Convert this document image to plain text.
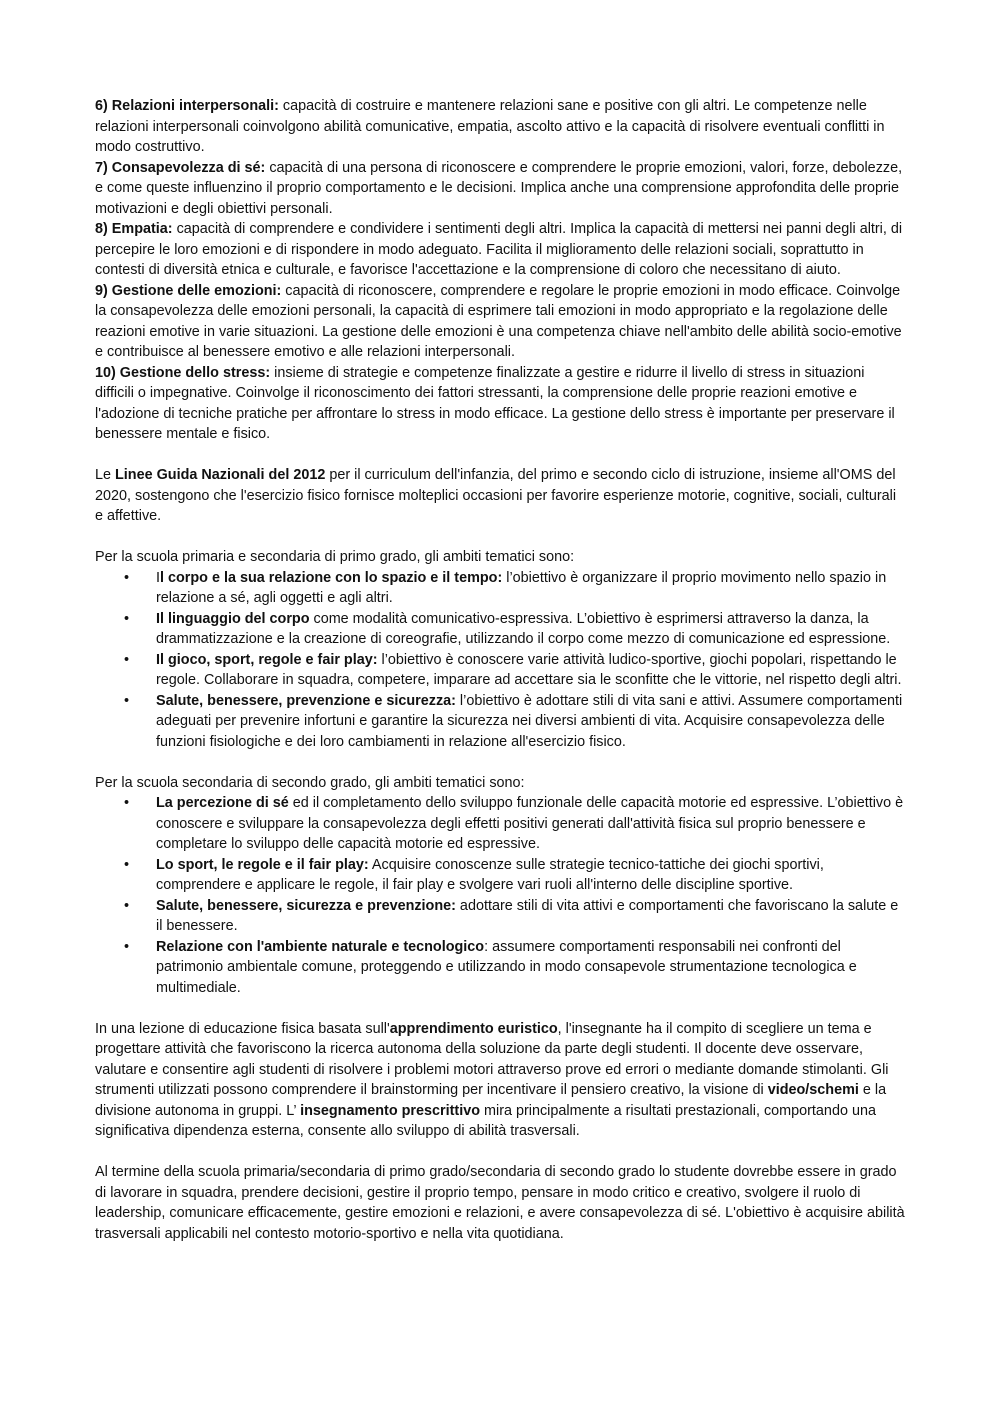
6) Relazioni interpersonali: capacità di costruire e mantenere relazioni sane e positive con gli altri. Le competenze nelle relazioni interpersonali coinvolgono abilità comunicative, empatia, ascolto attivo e la capacità di risolvere eventuali conflitti in modo costruttivo.

7) Consapevolezza di sé: capacità di una persona di riconoscere e comprendere le proprie emozioni, valori, forze, debolezze, e come queste influenzino il proprio comportamento e le decisioni. Implica anche una comprensione approfondita delle proprie motivazioni e degli obiettivi personali.

8) Empatia: capacità di comprendere e condividere i sentimenti degli altri. Implica la capacità di mettersi nei panni degli altri, di percepire le loro emozioni e di rispondere in modo adeguato. Facilita il miglioramento delle relazioni sociali, soprattutto in contesti di diversità etnica e culturale, e favorisce l'accettazione e la comprensione di coloro che necessitano di aiuto.

9) Gestione delle emozioni: capacità di riconoscere, comprendere e regolare le proprie emozioni in modo efficace. Coinvolge la consapevolezza delle emozioni personali, la capacità di esprimere tali emozioni in modo appropriato e la regolazione delle reazioni emotive in varie situazioni. La gestione delle emozioni è una competenza chiave nell'ambito delle abilità socio-emotive e contribuisce al benessere emotivo e alle relazioni interpersonali.

10) Gestione dello stress: insieme di strategie e competenze finalizzate a gestire e ridurre il livello di stress in situazioni difficili o impegnative. Coinvolge il riconoscimento dei fattori stressanti, la comprensione delle proprie reazioni emotive e l'adozione di tecniche pratiche per affrontare lo stress in modo efficace. La gestione dello stress è importante per preservare il benessere mentale e fisico.

Le Linee Guida Nazionali del 2012 per il curriculum dell'infanzia, del primo e secondo ciclo di istruzione, insieme all'OMS del 2020, sostengono che l'esercizio fisico fornisce molteplici occasioni per favorire esperienze motorie, cognitive, sociali, culturali e affettive.

Per la scuola primaria e secondaria di primo grado, gli ambiti tematici sono:

• Il corpo e la sua relazione con lo spazio e il tempo: l’obiettivo è organizzare il proprio movimento nello spazio in relazione a sé, agli oggetti e agli altri.
• Il linguaggio del corpo come modalità comunicativo-espressiva. L’obiettivo è esprimersi attraverso la danza, la drammatizzazione e la creazione di coreografie, utilizzando il corpo come mezzo di comunicazione ed espressione.
• Il gioco, sport, regole e fair play: l’obiettivo è conoscere varie attività ludico-sportive, giochi popolari, rispettando le regole. Collaborare in squadra, competere, imparare ad accettare sia le sconfitte che le vittorie, nel rispetto degli altri.
• Salute, benessere, prevenzione e sicurezza: l’obiettivo è adottare stili di vita sani e attivi. Assumere comportamenti adeguati per prevenire infortuni e garantire la sicurezza nei diversi ambienti di vita. Acquisire consapevolezza delle funzioni fisiologiche e dei loro cambiamenti in relazione all'esercizio fisico.

Per la scuola secondaria di secondo grado, gli ambiti tematici sono:

• La percezione di sé ed il completamento dello sviluppo funzionale delle capacità motorie ed espressive. L’obiettivo è conoscere e sviluppare la consapevolezza degli effetti positivi generati dall'attività fisica sul proprio benessere e completare lo sviluppo delle capacità motorie ed espressive.
• Lo sport, le regole e il fair play: Acquisire conoscenze sulle strategie tecnico-tattiche dei giochi sportivi, comprendere e applicare le regole, il fair play e svolgere vari ruoli all'interno delle discipline sportive.
• Salute, benessere, sicurezza e prevenzione: adottare stili di vita attivi e comportamenti che favoriscano la salute e il benessere.
• Relazione con l'ambiente naturale e tecnologico: assumere comportamenti responsabili nei confronti del patrimonio ambientale comune, proteggendo e utilizzando in modo consapevole strumentazione tecnologica e multimediale.

In una lezione di educazione fisica basata sull'apprendimento euristico, l'insegnante ha il compito di scegliere un tema e progettare attività che favoriscono la ricerca autonoma della soluzione da parte degli studenti. Il docente deve osservare, valutare e consentire agli studenti di risolvere i problemi motori attraverso prove ed errori o mediante domande stimolanti. Gli strumenti utilizzati possono comprendere il brainstorming per incentivare il pensiero creativo, la visione di video/schemi e la divisione autonoma in gruppi. L’ insegnamento prescrittivo mira principalmente a risultati prestazionali, comportando una significativa dipendenza esterna, consente allo sviluppo di abilità trasversali.

Al termine della scuola primaria/secondaria di primo grado/secondaria di secondo grado lo studente dovrebbe essere in grado di lavorare in squadra, prendere decisioni, gestire il proprio tempo, pensare in modo critico e creativo, svolgere il ruolo di leadership, comunicare efficacemente, gestire emozioni e relazioni, e avere consapevolezza di sé. L'obiettivo è acquisire abilità trasversali applicabili nel contesto motorio-sportivo e nella vita quotidiana.
